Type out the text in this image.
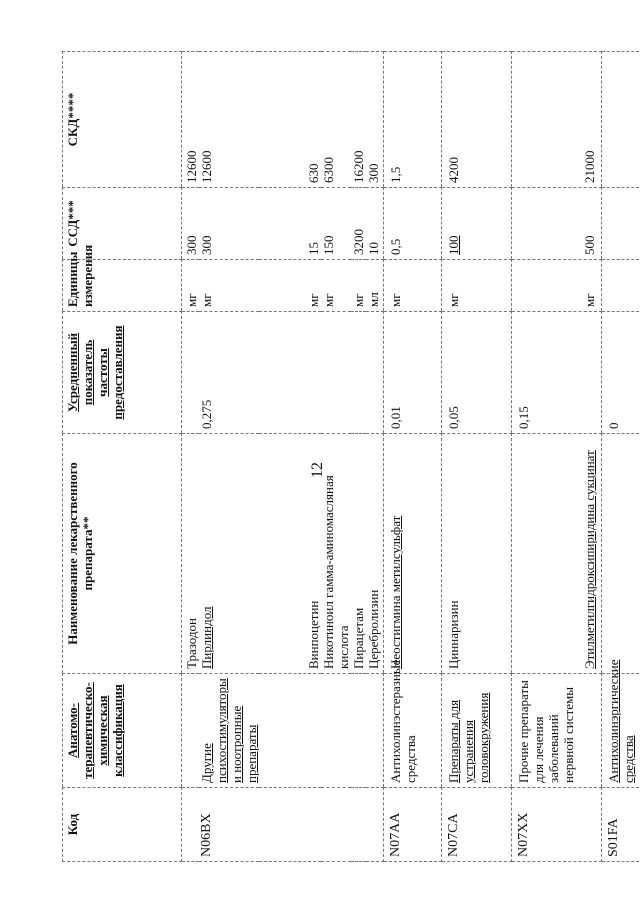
12
Код	Анатомо-терапевтическо-химическая классификация	Наименование лекарственного препарата**	Усредненный показатель частоты предоставления	Единицы измерения	ССД***	СКД****
		Тразодон		мг	300	12600
N06BX	Другие психостимуляторы и ноотропные препараты	Пирлиндол	0,275	мг	300	12600
		Винпоцетин		мг	15	630
		Никотиноил гамма-аминомасляная кислота		мг	150	6300
		Пирацетам		мг	3200	16200
		Церебролизин		мл	10	300
N07AA	Антихолинэстеразные средства	Неостигмина метилсульфат	0,01	мг	0,5	1,5
N07CA	Препараты для устранения головокружения	Циннаризин	0,05	мг	100	4200
N07XX	Прочие препараты для лечения заболеваний нервной системы	Этилметилгидроксипиридина сукцинат	0,15	мг	500	21000
S01FA	Антихолинэргические средства		0			
